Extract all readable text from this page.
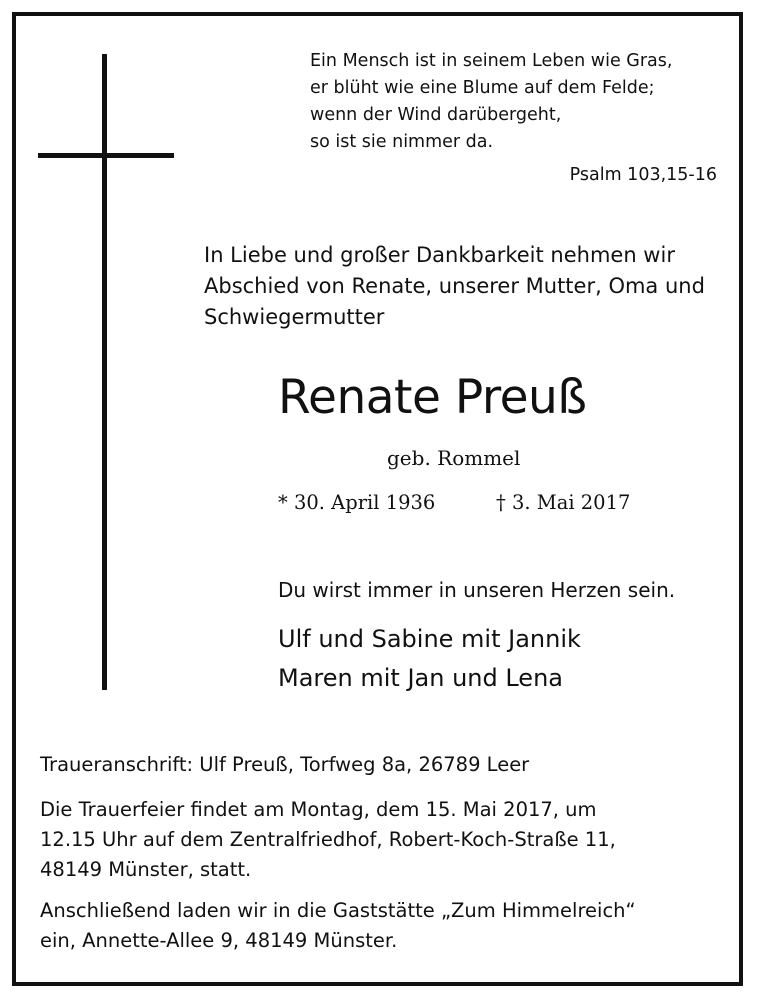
Ein Mensch ist in seinem Leben wie Gras,
er blüht wie eine Blume auf dem Felde;
wenn der Wind darübergeht,
so ist sie nimmer da.
Psalm 103,15-16
In Liebe und großer Dankbarkeit nehmen wir
Abschied von Renate, unserer Mutter, Oma und
Schwiegermutter
Renate Preuß
geb. Rommel
* 30. April 1936	† 3. Mai 2017
Du wirst immer in unseren Herzen sein.
Ulf und Sabine mit Jannik
Maren mit Jan und Lena
Traueranschrift: Ulf Preuß, Torfweg 8a, 26789 Leer
Die Trauerfeier findet am Montag, dem 15. Mai 2017, um
12.15 Uhr auf dem Zentralfriedhof, Robert-Koch-Straße 11,
48149 Münster, statt.
Anschließend laden wir in die Gaststätte „Zum Himmelreich“
ein, Annette-Allee 9, 48149 Münster.
